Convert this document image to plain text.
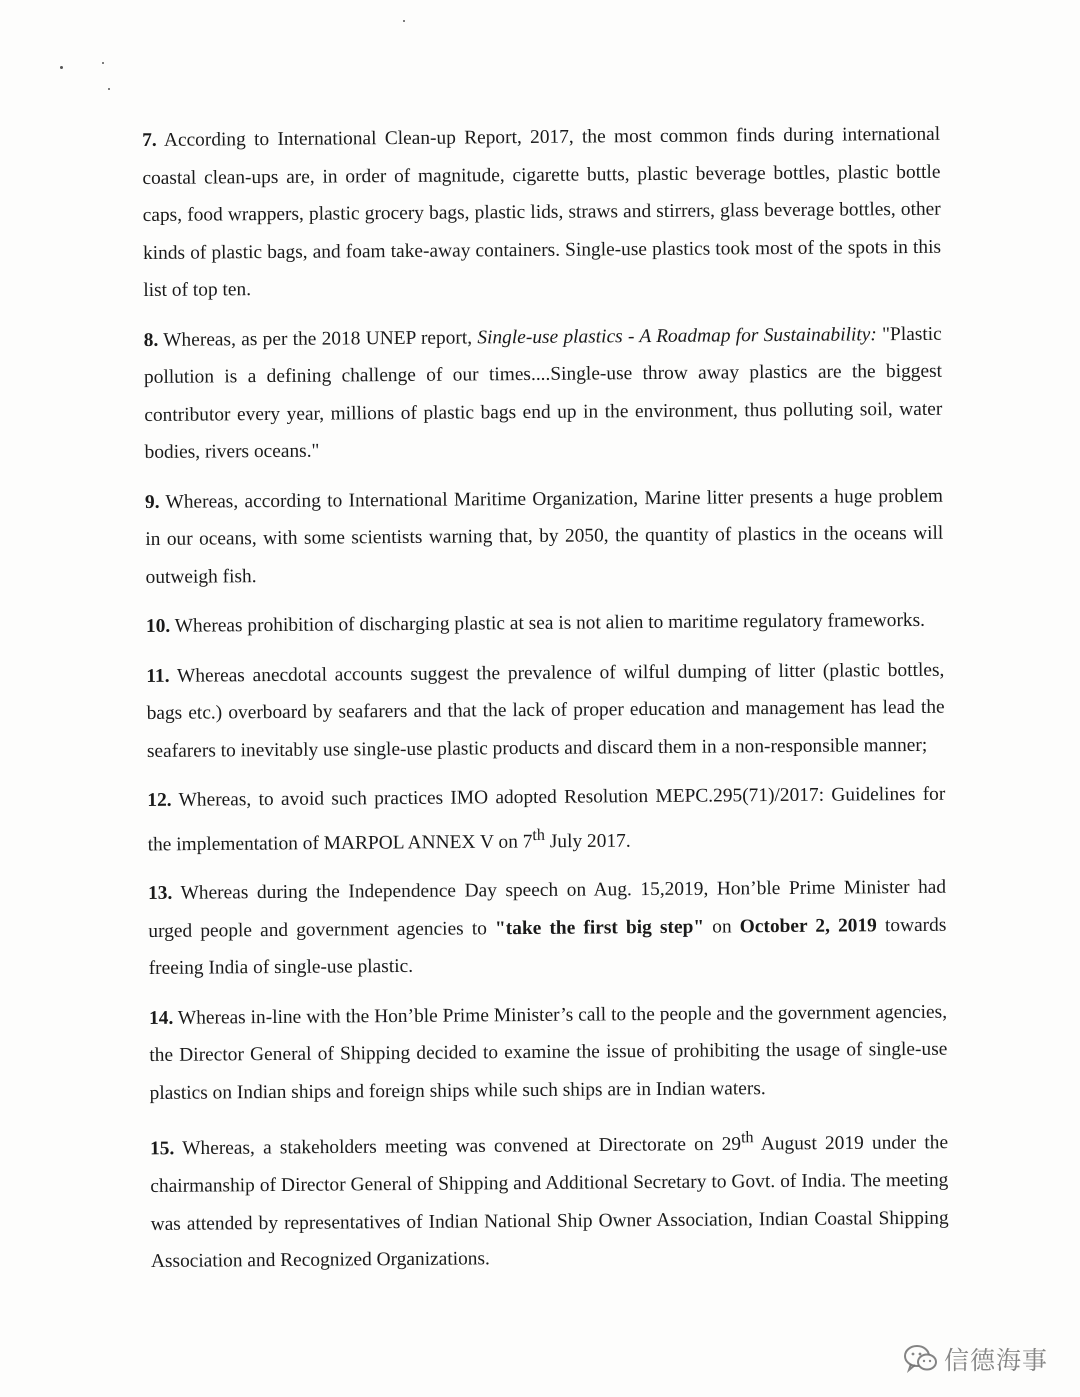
7. According to International Clean-up Report, 2017, the most common finds during international coastal clean-ups are, in order of magnitude, cigarette butts, plastic beverage bottles, plastic bottle caps, food wrappers, plastic grocery bags, plastic lids, straws and stirrers, glass beverage bottles, other kinds of plastic bags, and foam take-away containers. Single-use plastics took most of the spots in this list of top ten.

8. Whereas, as per the 2018 UNEP report, Single-use plastics - A Roadmap for Sustainability: "Plastic pollution is a defining challenge of our times....Single-use throw away plastics are the biggest contributor every year, millions of plastic bags end up in the environment, thus polluting soil, water bodies, rivers oceans."

9. Whereas, according to International Maritime Organization, Marine litter presents a huge problem in our oceans, with some scientists warning that, by 2050, the quantity of plastics in the oceans will outweigh fish.

10. Whereas prohibition of discharging plastic at sea is not alien to maritime regulatory frameworks.

11. Whereas anecdotal accounts suggest the prevalence of wilful dumping of litter (plastic bottles, bags etc.) overboard by seafarers and that the lack of proper education and management has lead the seafarers to inevitably use single-use plastic products and discard them in a non-responsible manner;

12. Whereas, to avoid such practices IMO adopted Resolution MEPC.295(71)/2017: Guidelines for the implementation of MARPOL ANNEX V on 7th July 2017.

13. Whereas during the Independence Day speech on Aug. 15,2019, Hon’ble Prime Minister had urged people and government agencies to "take the first big step" on October 2, 2019 towards freeing India of single-use plastic.

14. Whereas in-line with the Hon’ble Prime Minister’s call to the people and the government agencies, the Director General of Shipping decided to examine the issue of prohibiting the usage of single-use plastics on Indian ships and foreign ships while such ships are in Indian waters.

15. Whereas, a stakeholders meeting was convened at Directorate on 29th August 2019 under the chairmanship of Director General of Shipping and Additional Secretary to Govt. of India. The meeting was attended by representatives of Indian National Ship Owner Association, Indian Coastal Shipping Association and Recognized Organizations.

信德海事
